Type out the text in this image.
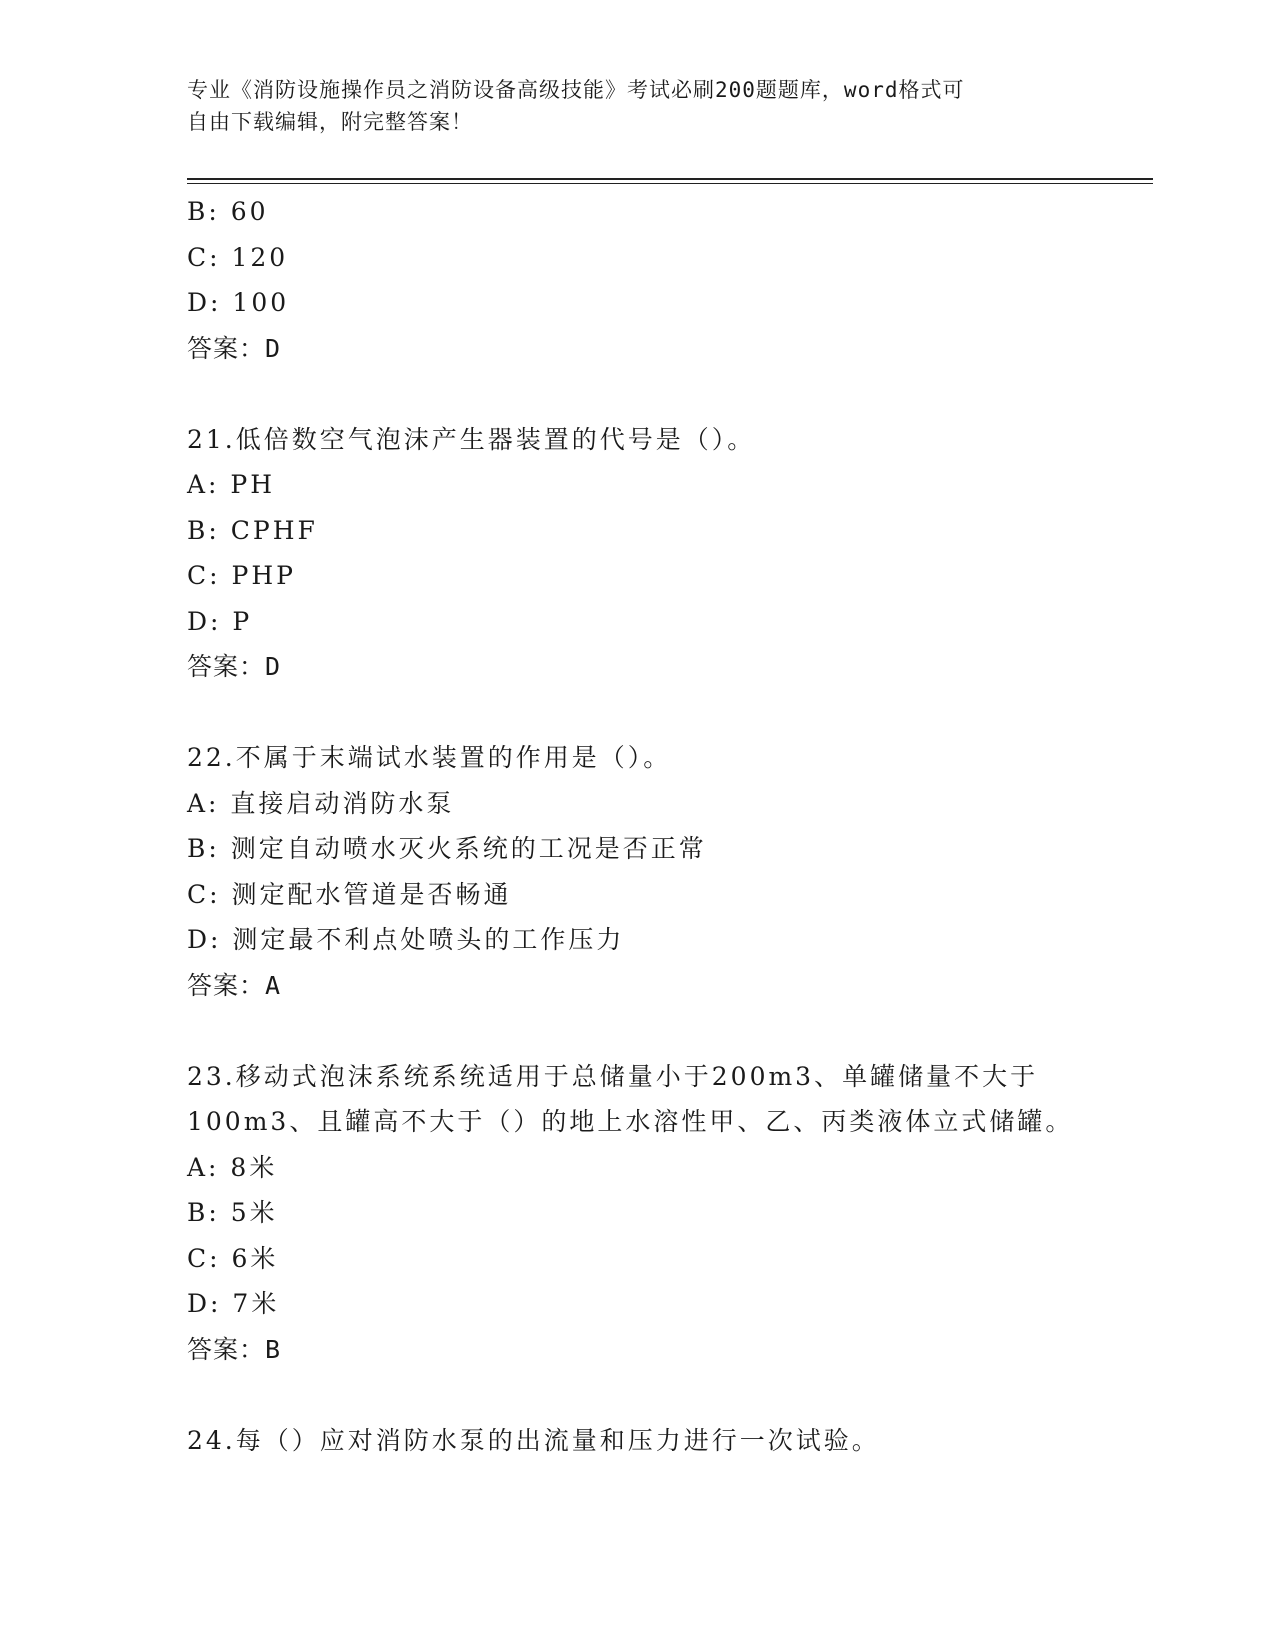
专业《消防设施操作员之消防设备高级技能》考试必刷200题题库，word格式可
自由下载编辑，附完整答案！
B: 60
C: 120
D: 100
答案：D
21.低倍数空气泡沫产生器装置的代号是（）。
A: PH
B: CPHF
C: PHP
D: P
答案：D
22.不属于末端试水装置的作用是（）。
A: 直接启动消防水泵
B: 测定自动喷水灭火系统的工况是否正常
C: 测定配水管道是否畅通
D: 测定最不利点处喷头的工作压力
答案：A
23.移动式泡沫系统系统适用于总储量小于200m3、单罐储量不大于
100m3、且罐高不大于（）的地上水溶性甲、乙、丙类液体立式储罐。
A: 8米
B: 5米
C: 6米
D: 7米
答案：B
24.每（）应对消防水泵的出流量和压力进行一次试验。
